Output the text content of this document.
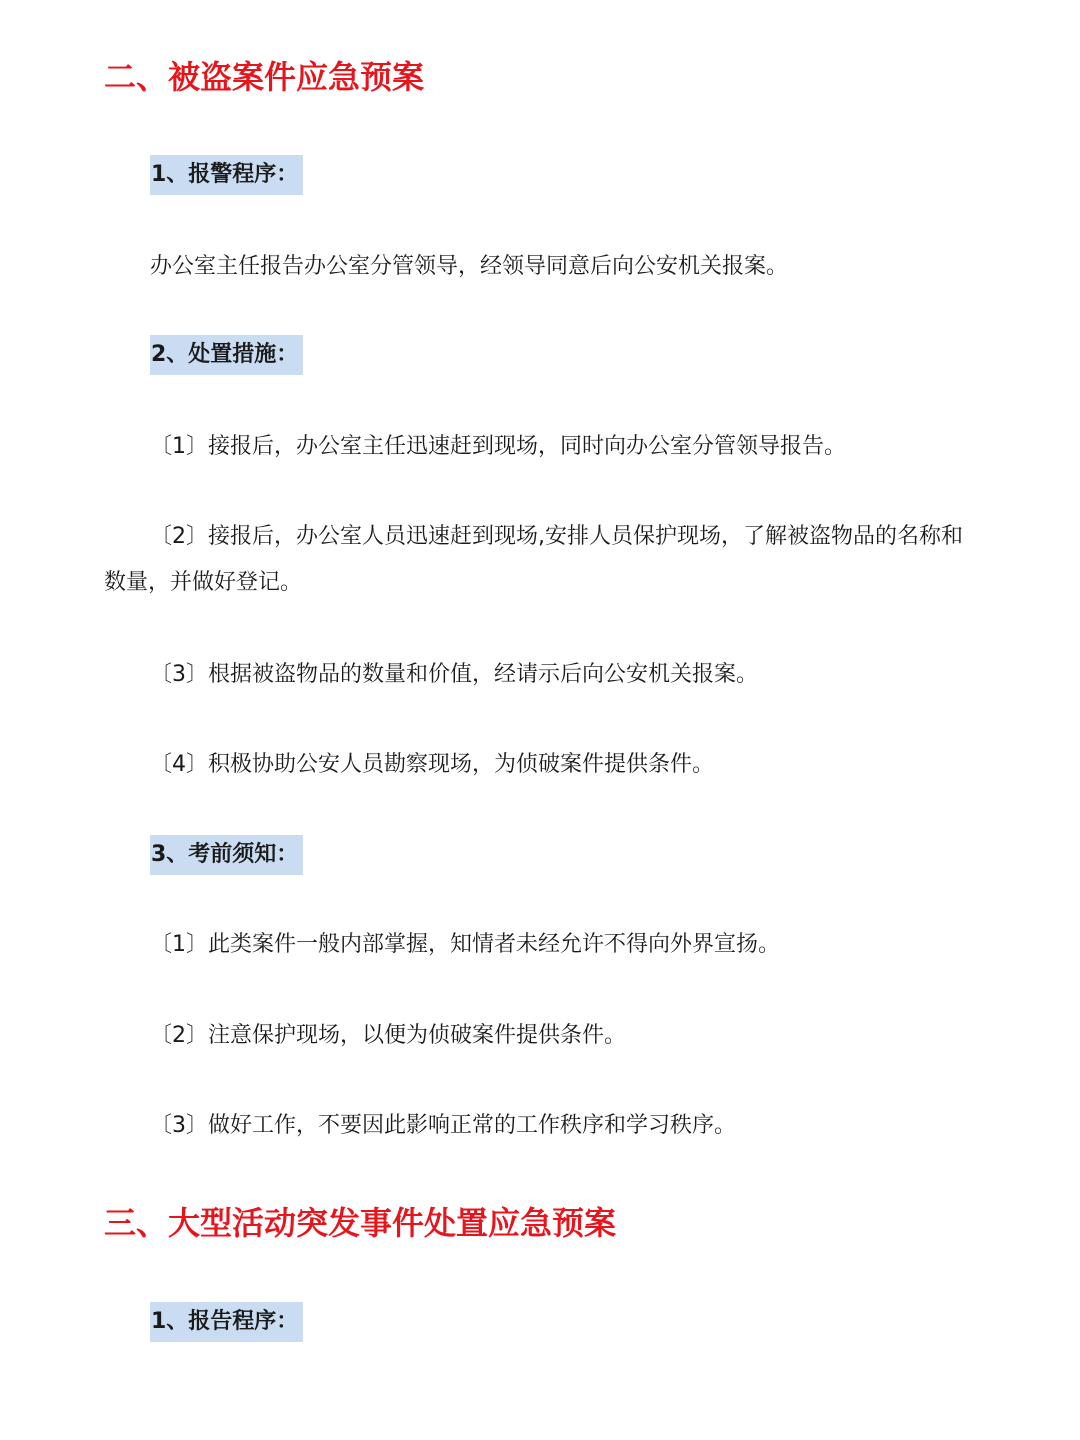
二、被盗案件应急预案
1、报警程序：

办公室主任报告办公室分管领导，经领导同意后向公安机关报案。

2、处置措施：

〔1〕接报后，办公室主任迅速赶到现场，同时向办公室分管领导报告。

〔2〕接报后，办公室人员迅速赶到现场,安排人员保护现场，了解被盗物品的名称和数量，并做好登记。

〔3〕根据被盗物品的数量和价值，经请示后向公安机关报案。

〔4〕积极协助公安人员勘察现场，为侦破案件提供条件。

3、考前须知：

〔1〕此类案件一般内部掌握，知情者未经允许不得向外界宣扬。

〔2〕注意保护现场，以便为侦破案件提供条件。

〔3〕做好工作，不要因此影响正常的工作秩序和学习秩序。

三、大型活动突发事件处置应急预案
1、报告程序：
